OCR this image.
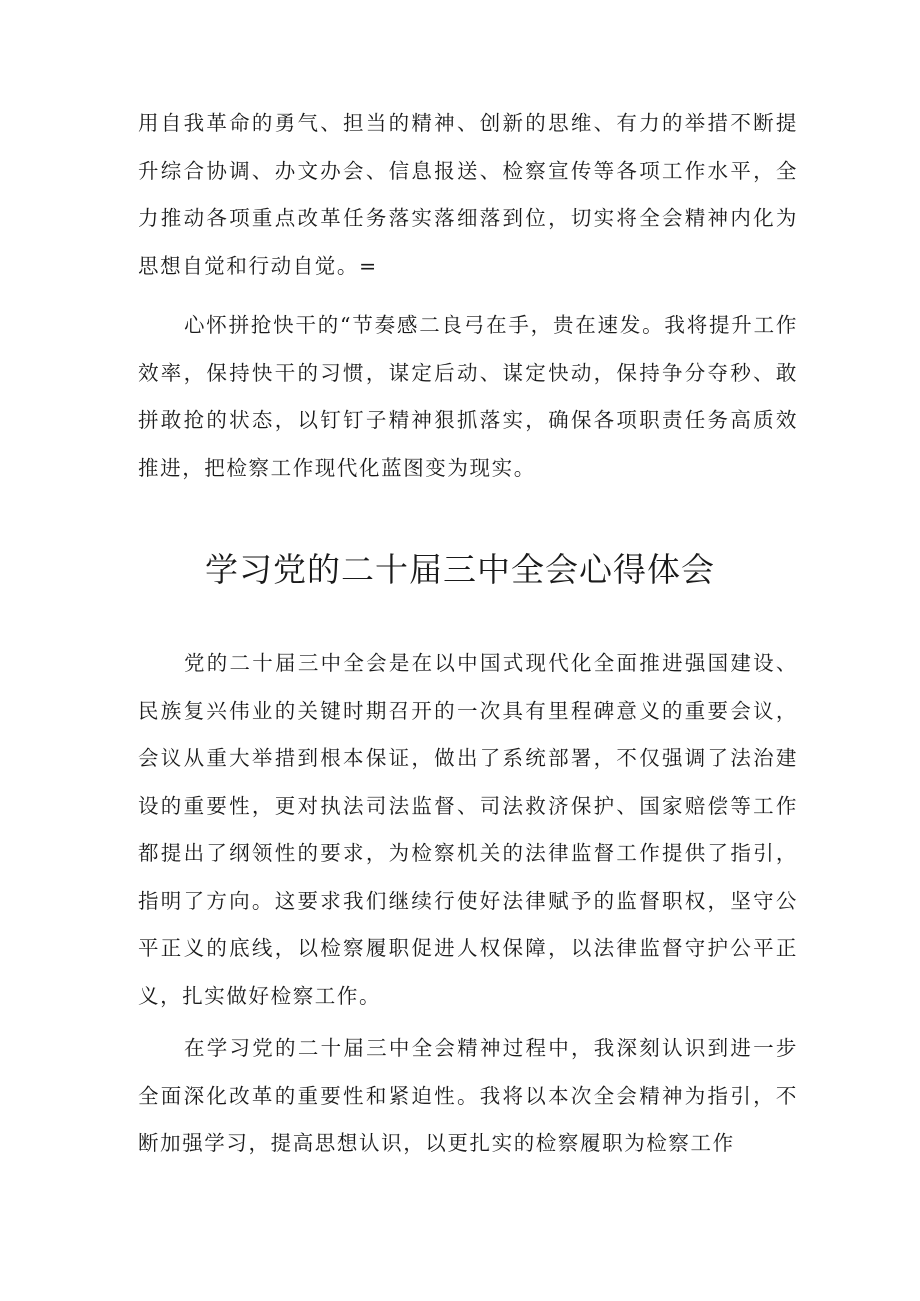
用自我革命的勇气、担当的精神、创新的思维、有力的举措不断提升综合协调、办文办会、信息报送、检察宣传等各项工作水平，全力推动各项重点改革任务落实落细落到位，切实将全会精神内化为思想自觉和行动自觉。=

心怀拼抢快干的“节奏感二良弓在手，贵在速发。我将提升工作效率，保持快干的习惯，谋定后动、谋定快动，保持争分夺秒、敢拼敢抢的状态，以钉钉子精神狠抓落实，确保各项职责任务高质效推进，把检察工作现代化蓝图变为现实。

学习党的二十届三中全会心得体会

党的二十届三中全会是在以中国式现代化全面推进强国建设、民族复兴伟业的关键时期召开的一次具有里程碑意义的重要会议，会议从重大举措到根本保证，做出了系统部署，不仅强调了法治建设的重要性，更对执法司法监督、司法救济保护、国家赔偿等工作都提出了纲领性的要求，为检察机关的法律监督工作提供了指引，指明了方向。这要求我们继续行使好法律赋予的监督职权，坚守公平正义的底线，以检察履职促进人权保障，以法律监督守护公平正义，扎实做好检察工作。

在学习党的二十届三中全会精神过程中，我深刻认识到进一步全面深化改革的重要性和紧迫性。我将以本次全会精神为指引，不断加强学习，提高思想认识，以更扎实的检察履职为检察工作
